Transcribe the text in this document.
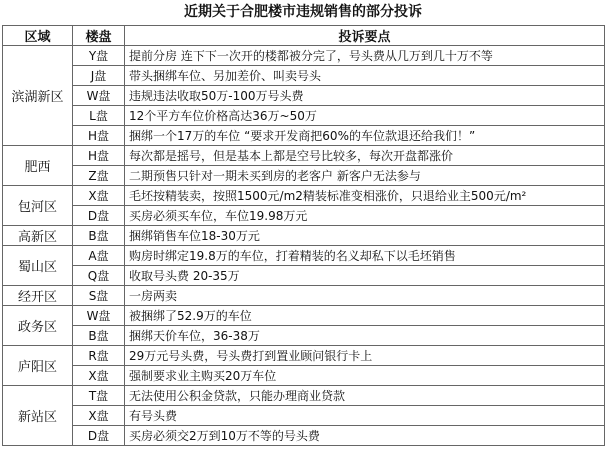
近期关于合肥楼市违规销售的部分投诉
区域	楼盘	投诉要点
滨湖新区	Y盘	提前分房 连下下一次开的楼都被分完了，号头费从几万到几十万不等
	J盘	带头捆绑车位、另加差价、叫卖号头
	W盘	违规违法收取50万-100万号头费
	L盘	12个平方车位价格高达36万~50万
	H盘	捆绑一个17万的车位 “要求开发商把60%的车位款退还给我们！”
肥西	H盘	每次都是摇号，但是基本上都是空号比较多，每次开盘都涨价
	Z盘	二期预售只针对一期未买到房的老客户 新客户无法参与
包河区	X盘	毛坯按精装卖，按照1500元/m2精装标准变相涨价，只退给业主500元/m²
	D盘	买房必须买车位，车位19.98万元
高新区	B盘	捆绑销售车位18-30万元
蜀山区	A盘	购房时绑定19.8万的车位，打着精装的名义却私下以毛坯销售
	Q盘	收取号头费 20-35万
经开区	S盘	一房两卖
政务区	W盘	被捆绑了52.9万的车位
	B盘	捆绑天价车位，36-38万
庐阳区	R盘	29万元号头费，号头费打到置业顾问银行卡上
	X盘	强制要求业主购买20万车位
新站区	T盘	无法使用公积金贷款，只能办理商业贷款
	X盘	有号头费
	D盘	买房必须交2万到10万不等的号头费
